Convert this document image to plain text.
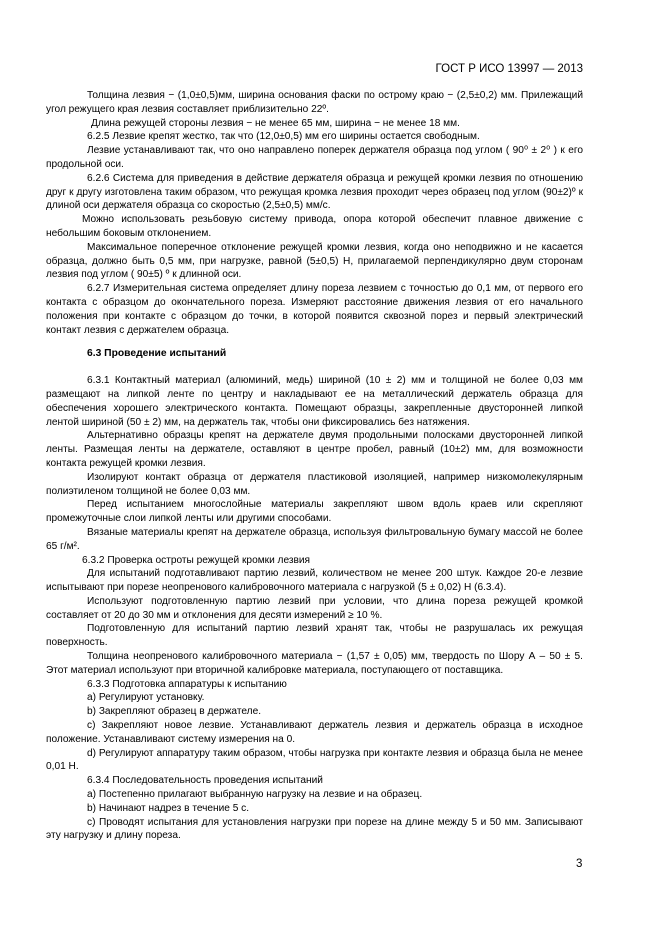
ГОСТ Р ИСО 13997 — 2013

Толщина лезвия − (1,0±0,5)мм, ширина основания фаски по острому краю − (2,5±0,2) мм. Прилежащий угол режущего края лезвия составляет приблизительно 22º.

Длина режущей стороны лезвия − не менее 65 мм, ширина − не менее 18 мм.

6.2.5 Лезвие крепят жестко, так что (12,0±0,5) мм его ширины остается свободным.

Лезвие устанавливают так, что оно направлено поперек держателя образца под углом ( 90⁰ ± 2⁰ ) к его продольной оси.

6.2.6 Система для приведения в действие держателя образца и режущей кромки лезвия по отношению друг к другу изготовлена таким образом, что режущая кромка лезвия проходит через образец под углом (90±2)º к длиной оси держателя образца со скоростью (2,5±0,5) мм/с.

Можно использовать резьбовую систему привода, опора которой обеспечит плавное движение с небольшим боковым отклонением.

Максимальное поперечное отклонение режущей кромки лезвия, когда оно неподвижно и не касается образца, должно быть 0,5 мм, при нагрузке, равной (5±0,5) Н, прилагаемой перпендикулярно двум сторонам лезвия под углом ( 90±5) º к длинной оси.

6.2.7 Измерительная система определяет длину пореза лезвием с точностью до 0,1 мм, от первого его контакта с образцом до окончательного пореза. Измеряют расстояние движения лезвия от его начального положения при контакте с образцом до точки, в которой появится сквозной порез и первый электрический контакт лезвия с держателем образца.

6.3 Проведение испытаний

6.3.1 Контактный материал (алюминий, медь) шириной (10 ± 2) мм и толщиной не более 0,03 мм размещают на липкой ленте по центру и накладывают ее на металлический держатель образца для обеспечения хорошего электрического контакта. Помещают образцы, закрепленные двусторонней липкой лентой шириной (50 ± 2) мм, на держатель так, чтобы они фиксировались без натяжения.

Альтернативно образцы крепят на держателе двумя продольными полосками двусторонней липкой ленты. Размещая ленты на держателе, оставляют в центре пробел, равный (10±2) мм, для возможности контакта режущей кромки лезвия.

Изолируют контакт образца от держателя пластиковой изоляцией, например низкомолекулярным полиэтиленом толщиной не более 0,03 мм.

Перед испытанием многослойные материалы закрепляют швом вдоль краев или скрепляют промежуточные слои липкой ленты или другими способами.

Вязаные материалы крепят на держателе образца, используя фильтровальную бумагу массой не более 65 г/м².

6.3.2 Проверка остроты режущей кромки лезвия

Для испытаний подготавливают партию лезвий, количеством не менее 200 штук. Каждое 20-е лезвие испытывают при порезе неопренового калибровочного материала с нагрузкой (5 ± 0,02) Н (6.3.4).

Используют подготовленную партию лезвий при условии, что длина пореза режущей кромкой составляет от 20 до 30 мм и отклонения для десяти измерений ≥ 10 %.

Подготовленную для испытаний партию лезвий хранят так, чтобы не разрушалась их режущая поверхность.

Толщина неопренового калибровочного материала − (1,57 ± 0,05) мм, твердость по Шору А – 50 ± 5. Этот материал используют при вторичной калибровке материала, поступающего от поставщика.

6.3.3 Подготовка аппаратуры к испытанию

a) Регулируют установку.

b) Закрепляют образец в держателе.

c) Закрепляют новое лезвие. Устанавливают держатель лезвия и держатель образца в исходное положение. Устанавливают систему измерения на 0.

d) Регулируют аппаратуру таким образом, чтобы нагрузка при контакте лезвия и образца была не менее 0,01 Н.

6.3.4 Последовательность проведения испытаний

a) Постепенно прилагают выбранную нагрузку на лезвие и на образец.

b) Начинают надрез в течение 5 с.

c) Проводят испытания для установления нагрузки при порезе на длине между 5 и 50 мм. Записывают эту нагрузку и длину пореза.

3
